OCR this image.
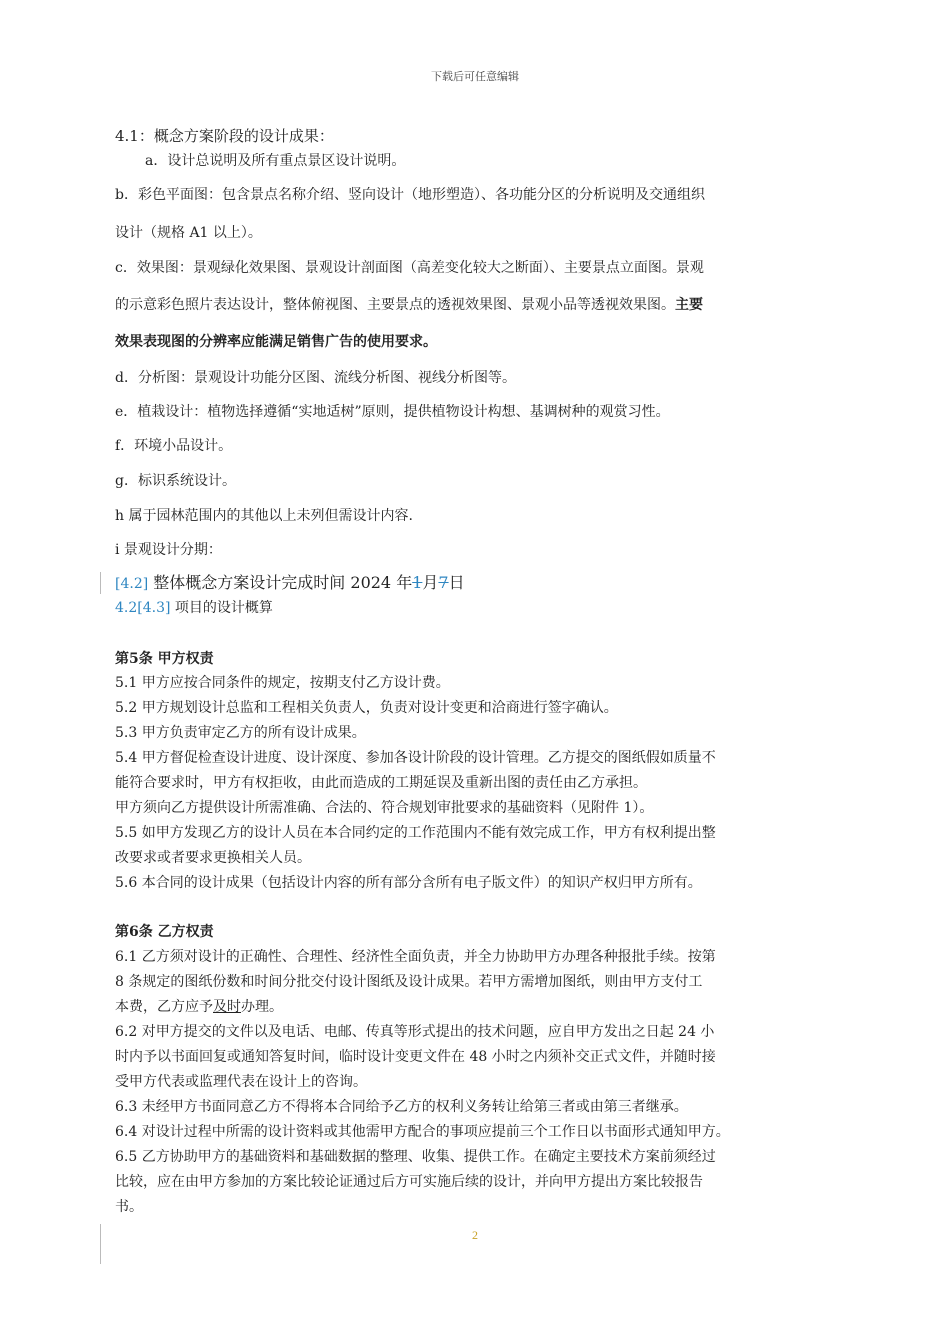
下载后可任意编辑
4.1：概念方案阶段的设计成果：
a．设计总说明及所有重点景区设计说明。
b．彩色平面图：包含景点名称介绍、竖向设计（地形塑造）、各功能分区的分析说明及交通组织
设计（规格 A1 以上）。
c．效果图：景观绿化效果图、景观设计剖面图（高差变化较大之断面）、主要景点立面图。景观
的示意彩色照片表达设计，整体俯视图、主要景点的透视效果图、景观小品等透视效果图。主要
效果表现图的分辨率应能满足销售广告的使用要求。
d．分析图：景观设计功能分区图、流线分析图、视线分析图等。
e．植栽设计：植物选择遵循“实地适树”原则，提供植物设计构想、基调树种的观赏习性。
f．环境小品设计。
g．标识系统设计。
h 属于园林范围内的其他以上未列但需设计内容.
i 景观设计分期：
[4.2] 整体概念方案设计完成时间 2024 年1月7日
4.2[4.3] 项目的设计概算
第5条 甲方权责
5.1 甲方应按合同条件的规定，按期支付乙方设计费。
5.2 甲方规划设计总监和工程相关负责人，负责对设计变更和洽商进行签字确认。
5.3 甲方负责审定乙方的所有设计成果。
5.4 甲方督促检查设计进度、设计深度、参加各设计阶段的设计管理。乙方提交的图纸假如质量不
能符合要求时，甲方有权拒收，由此而造成的工期延误及重新出图的责任由乙方承担。
甲方须向乙方提供设计所需准确、合法的、符合规划审批要求的基础资料（见附件 1）。
5.5 如甲方发现乙方的设计人员在本合同约定的工作范围内不能有效完成工作，甲方有权利提出整
改要求或者要求更换相关人员。
5.6 本合同的设计成果（包括设计内容的所有部分含所有电子版文件）的知识产权归甲方所有。
第6条 乙方权责
6.1 乙方须对设计的正确性、合理性、经济性全面负责，并全力协助甲方办理各种报批手续。按第
8 条规定的图纸份数和时间分批交付设计图纸及设计成果。若甲方需增加图纸，则由甲方支付工
本费，乙方应予及时办理。
6.2 对甲方提交的文件以及电话、电邮、传真等形式提出的技术问题，应自甲方发出之日起 24 小
时内予以书面回复或通知答复时间，临时设计变更文件在 48 小时之内须补交正式文件，并随时接
受甲方代表或监理代表在设计上的咨询。
6.3 未经甲方书面同意乙方不得将本合同给予乙方的权利义务转让给第三者或由第三者继承。
6.4 对设计过程中所需的设计资料或其他需甲方配合的事项应提前三个工作日以书面形式通知甲方。
6.5 乙方协助甲方的基础资料和基础数据的整理、收集、提供工作。在确定主要技术方案前须经过
比较，应在由甲方参加的方案比较论证通过后方可实施后续的设计，并向甲方提出方案比较报告
书。
2
